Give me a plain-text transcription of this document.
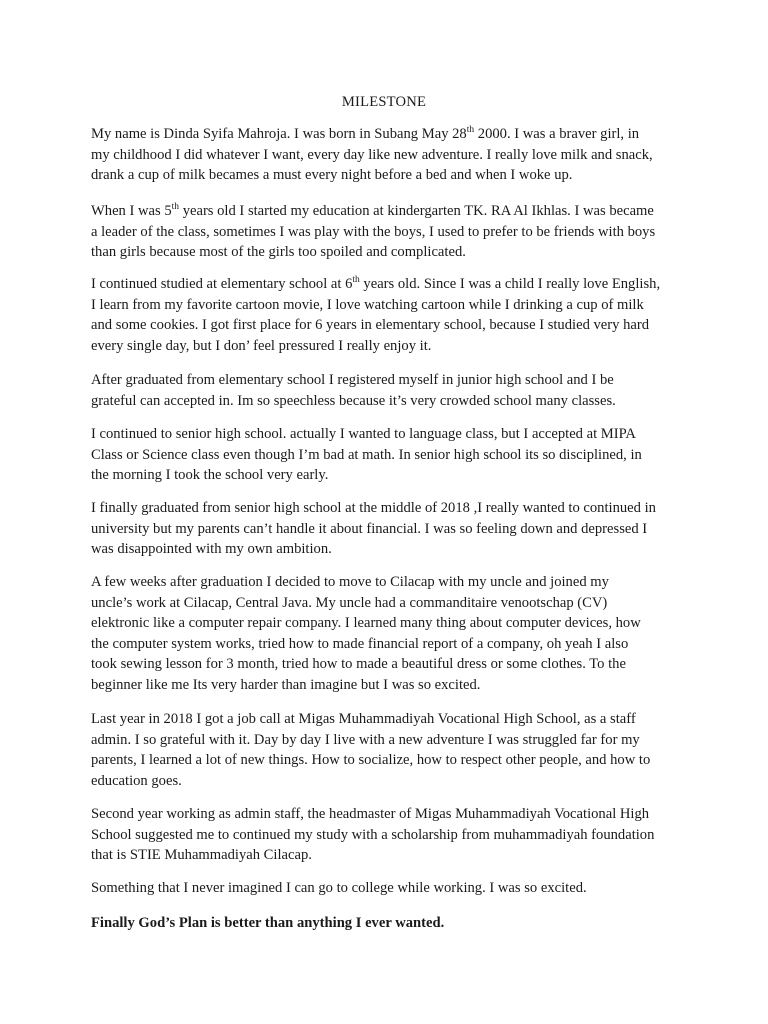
MILESTONE
My name is Dinda Syifa Mahroja. I was born in Subang May 28th 2000. I was a braver girl, in
my childhood I did whatever I want, every day like new adventure. I really love milk and snack,
drank a cup of milk becames a must every night before a bed and when I woke up.
When I was 5th years old I started my education at kindergarten TK. RA Al Ikhlas. I was became
a leader of the class, sometimes I was play with the boys, I used to prefer to be friends with boys
than girls because most of the girls too spoiled and complicated.
I continued studied at elementary school at 6th years old. Since I was a child I really love English,
I learn from my favorite cartoon movie, I love watching cartoon while I drinking a cup of milk
and some cookies. I got first place for 6 years in elementary school, because I studied very hard
every single day, but I don’ feel pressured I really enjoy it.
After graduated from elementary school I registered myself in junior high school and I be
grateful can accepted in. Im so speechless because it’s very crowded school many classes.
I continued to senior high school. actually I wanted to language class, but I accepted at MIPA
Class or Science class even though I’m bad at math. In senior high school its so disciplined, in
the morning I took the school very early.
I finally graduated from senior high school at the middle of 2018 ,I really wanted to continued in
university but my parents can’t handle it about financial. I was so feeling down and depressed I
was disappointed with my own ambition.
A few weeks after graduation I decided to move to Cilacap with my uncle and joined my
uncle’s work at Cilacap, Central Java. My uncle had a commanditaire venootschap (CV)
elektronic like a computer repair company. I learned many thing about computer devices, how
the computer system works, tried how to made financial report of a company, oh yeah I also
took sewing lesson for 3 month, tried how to made a beautiful dress or some clothes. To the
beginner like me Its very harder than imagine but I was so excited.
Last year in 2018 I got a job call at Migas Muhammadiyah Vocational High School, as a staff
admin. I so grateful with it. Day by day I live with a new adventure I was struggled far for my
parents, I learned a lot of new things. How to socialize, how to respect other people, and how to
education goes.
Second year working as admin staff, the headmaster of Migas Muhammadiyah Vocational High
School suggested me to continued my study with a scholarship from muhammadiyah foundation
that is STIE Muhammadiyah Cilacap.
Something that I never imagined I can go to college while working. I was so excited.
Finally God’s Plan is better than anything I ever wanted.
